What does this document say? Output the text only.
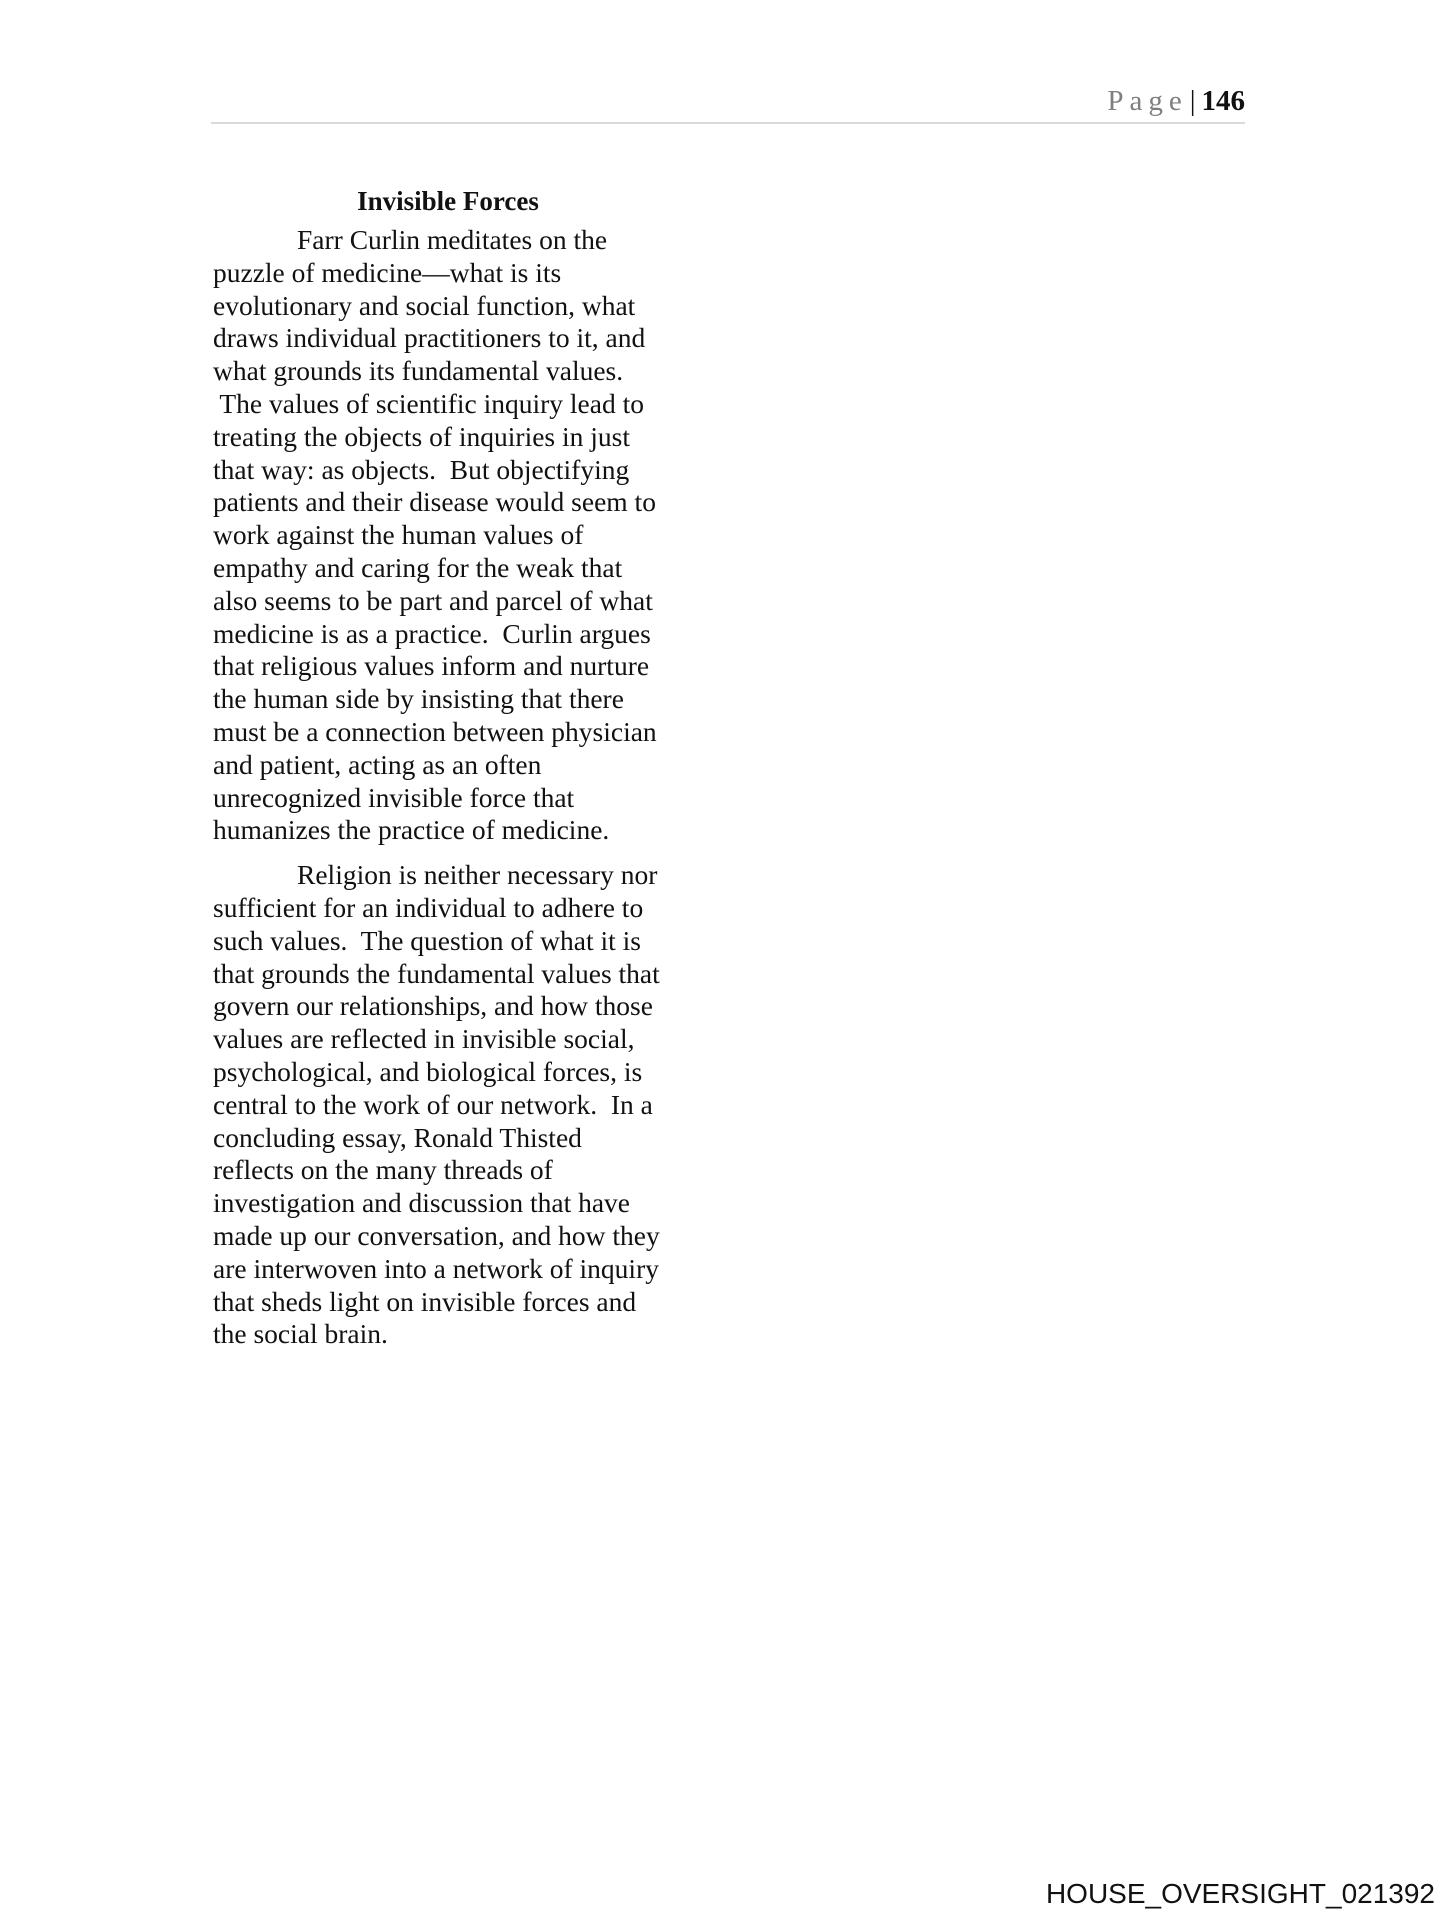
Page| 146
Invisible Forces
Farr Curlin meditates on the
puzzle of medicine—what is its
evolutionary and social function, what
draws individual practitioners to it, and
what grounds its fundamental values.
The values of scientific inquiry lead to
treating the objects of inquiries in just
that way: as objects.  But objectifying
patients and their disease would seem to
work against the human values of
empathy and caring for the weak that
also seems to be part and parcel of what
medicine is as a practice.  Curlin argues
that religious values inform and nurture
the human side by insisting that there
must be a connection between physician
and patient, acting as an often
unrecognized invisible force that
humanizes the practice of medicine.
Religion is neither necessary nor
sufficient for an individual to adhere to
such values.  The question of what it is
that grounds the fundamental values that
govern our relationships, and how those
values are reflected in invisible social,
psychological, and biological forces, is
central to the work of our network.  In a
concluding essay, Ronald Thisted
reflects on the many threads of
investigation and discussion that have
made up our conversation, and how they
are interwoven into a network of inquiry
that sheds light on invisible forces and
the social brain.
HOUSE_OVERSIGHT_021392
